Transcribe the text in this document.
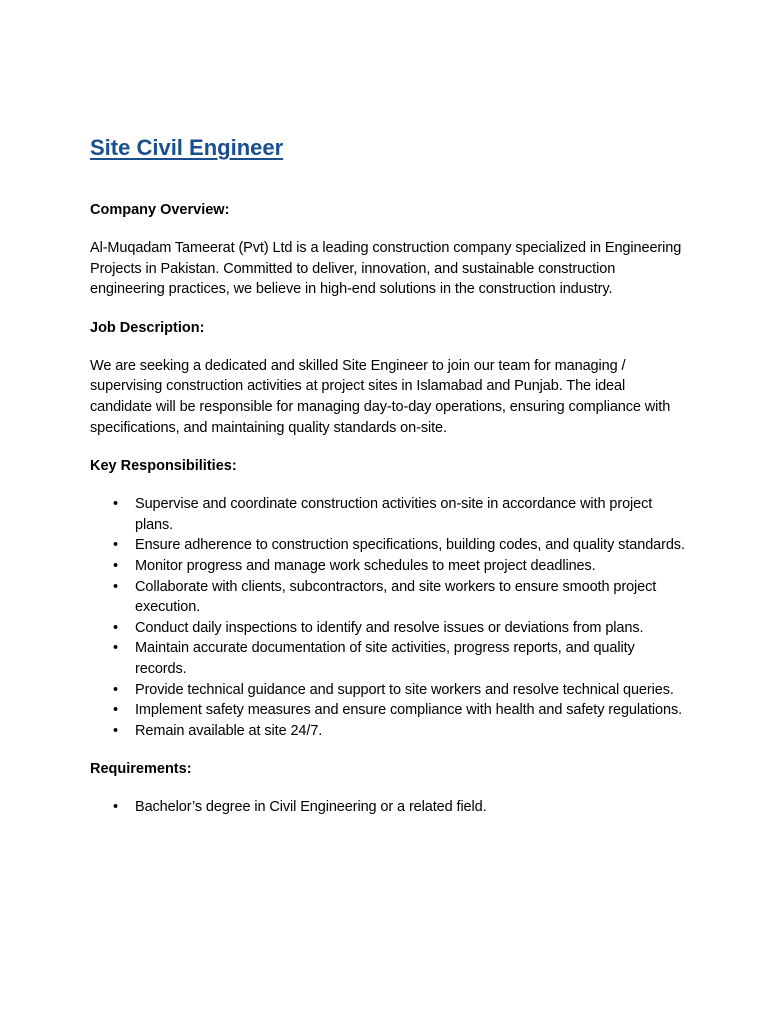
Site Civil Engineer
Company Overview:

Al-Muqadam Tameerat (Pvt) Ltd is a leading construction company specialized in Engineering Projects in Pakistan. Committed to deliver, innovation, and sustainable construction engineering practices, we believe in high-end solutions in the construction industry.

Job Description:

We are seeking a dedicated and skilled Site Engineer to join our team for managing / supervising construction activities at project sites in Islamabad and Punjab. The ideal candidate will be responsible for managing day-to-day operations, ensuring compliance with specifications, and maintaining quality standards on-site.

Key Responsibilities:
• Supervise and coordinate construction activities on-site in accordance with project plans.
• Ensure adherence to construction specifications, building codes, and quality standards.
• Monitor progress and manage work schedules to meet project deadlines.
• Collaborate with clients, subcontractors, and site workers to ensure smooth project execution.
• Conduct daily inspections to identify and resolve issues or deviations from plans.
• Maintain accurate documentation of site activities, progress reports, and quality records.
• Provide technical guidance and support to site workers and resolve technical queries.
• Implement safety measures and ensure compliance with health and safety regulations.
• Remain available at site 24/7.
Requirements:
• Bachelor’s degree in Civil Engineering or a related field.
